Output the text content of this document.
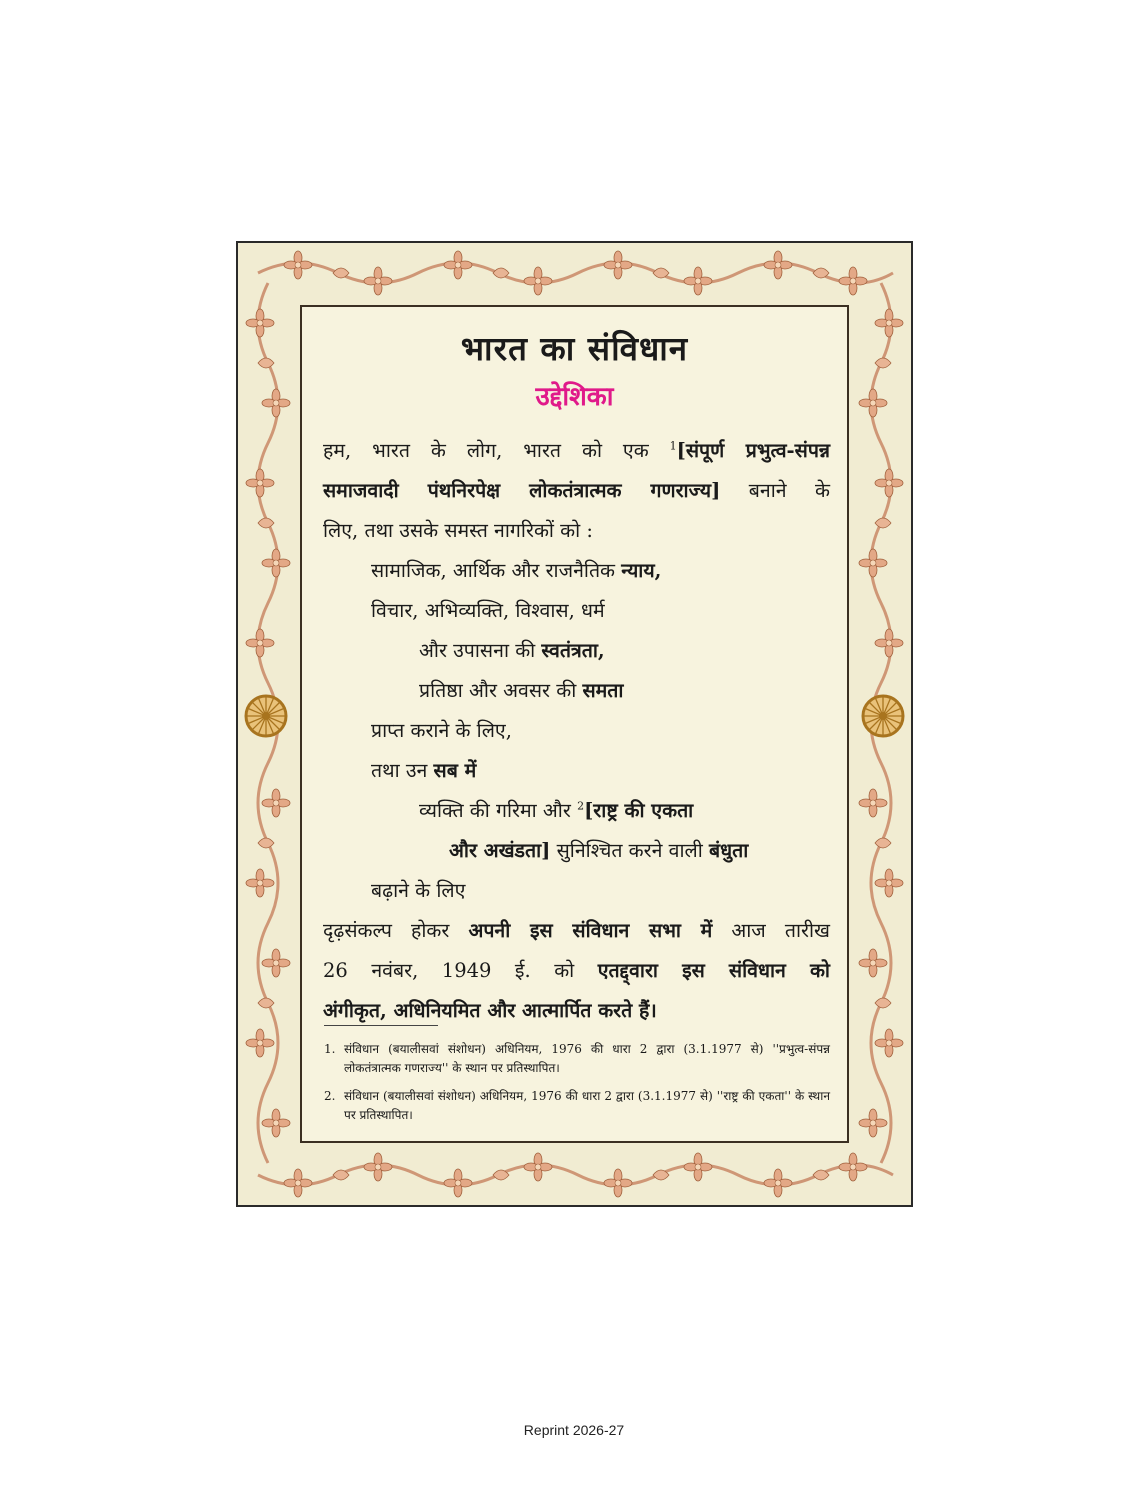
भारत का संविधान
उद्देशिका
हम, भारत के लोग, भारत को एक $^1$[संपूर्ण प्रभुत्व-संपन्न
समाजवादी पंथनिरपेक्ष लोकतंत्रात्मक गणराज्य] बनाने के
लिए, तथा उसके समस्त नागरिकों को :
सामाजिक, आर्थिक और राजनैतिक न्याय,
विचार, अभिव्यक्ति, विश्वास, धर्म
और उपासना की स्वतंत्रता,
प्रतिष्ठा और अवसर की समता
प्राप्त कराने के लिए,
तथा उन सब में
व्यक्ति की गरिमा और $^2$[राष्ट्र की एकता
और अखंडता] सुनिश्चित करने वाली बंधुता
बढ़ाने के लिए
दृढ़संकल्प होकर अपनी इस संविधान सभा में आज तारीख
26 नवंबर, 1949 ई. को एतद्द्वारा इस संविधान को
अंगीकृत, अधिनियमित और आत्मार्पित करते हैं।
1. संविधान (बयालीसवां संशोधन) अधिनियम, 1976 की धारा 2 द्वारा (3.1.1977 से) ''प्रभुत्व-संपन्न लोकतंत्रात्मक गणराज्य'' के स्थान पर प्रतिस्थापित।
2. संविधान (बयालीसवां संशोधन) अधिनियम, 1976 की धारा 2 द्वारा (3.1.1977 से) ''राष्ट्र की एकता'' के स्थान पर प्रतिस्थापित।
Reprint 2026-27
